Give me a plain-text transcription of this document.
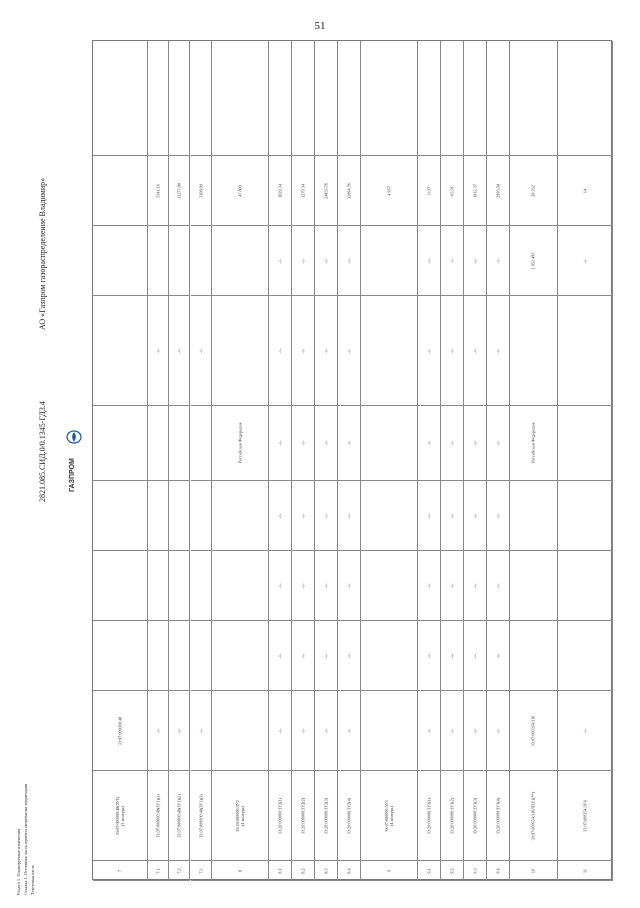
51
2821.085.СИД.0/0.1345-ГД3.4
АО «Газпром газораспределение Владимир»
ГАЗПРОМ
7
33:07:000000:48(ЗУ1)
(3 контура)
33:07:000000:48
7.1
33:07:000000:48(ЗУ1)(1)
-//-
-//-
5341.16
7.2
33:07:000000:48(ЗУ1)(2)
-//-
-//-
13273.88
7.3
33:07:000000:48(ЗУ1)(3)
-//-
-//-
3308.90
8
33:20:000000:ЗУ2
(4 контура)
Российская Федерация
47 809
8.1
33:20:000000:ЗУ2(1)
-//-
-//-
-//-
-//-
-//-
-//-
-//-
1029.34
8.2
33:20:000000:ЗУ2(2)
-//-
-//-
-//-
-//-
-//-
-//-
-//-
3279.34
8.3
33:20:000000:ЗУ2(3)
-//-
-//-
-//-
-//-
-//-
-//-
-//-
24455.76
8.4
33:20:000000:ЗУ2(4)
-//-
-//-
-//-
-//-
-//-
-//-
-//-
12894.76
9
33:07:000000:ЗУ3
(4 контура)
4 957
9.1
33:20:000000:ЗУ3(1)
-//-
-//-
-//-
-//-
-//-
-//-
-//-
1137
9.2
33:20:000000:ЗУ3(2)
-//-
-//-
-//-
-//-
-//-
-//-
-//-
65.91
9.3
33:20:000000:ЗУ3(3)
-//-
-//-
-//-
-//-
-//-
-//-
-//-
1912.37
9.4
33:20:000000:ЗУ3(4)
-//-
-//-
-//-
-//-
-//-
-//-
-//-
2995.04
10
33:07:000354:316/ЧЗУ1(**)
33:07:000354:316
Российская Федерация
1 951 495
28 352
11
33:07:000354:ЗУ4
-//-
-//-
14
Раздел 1. Планируемые изменения Ссылка 1. Основная часть проекта межевания территории Текстовая часть
